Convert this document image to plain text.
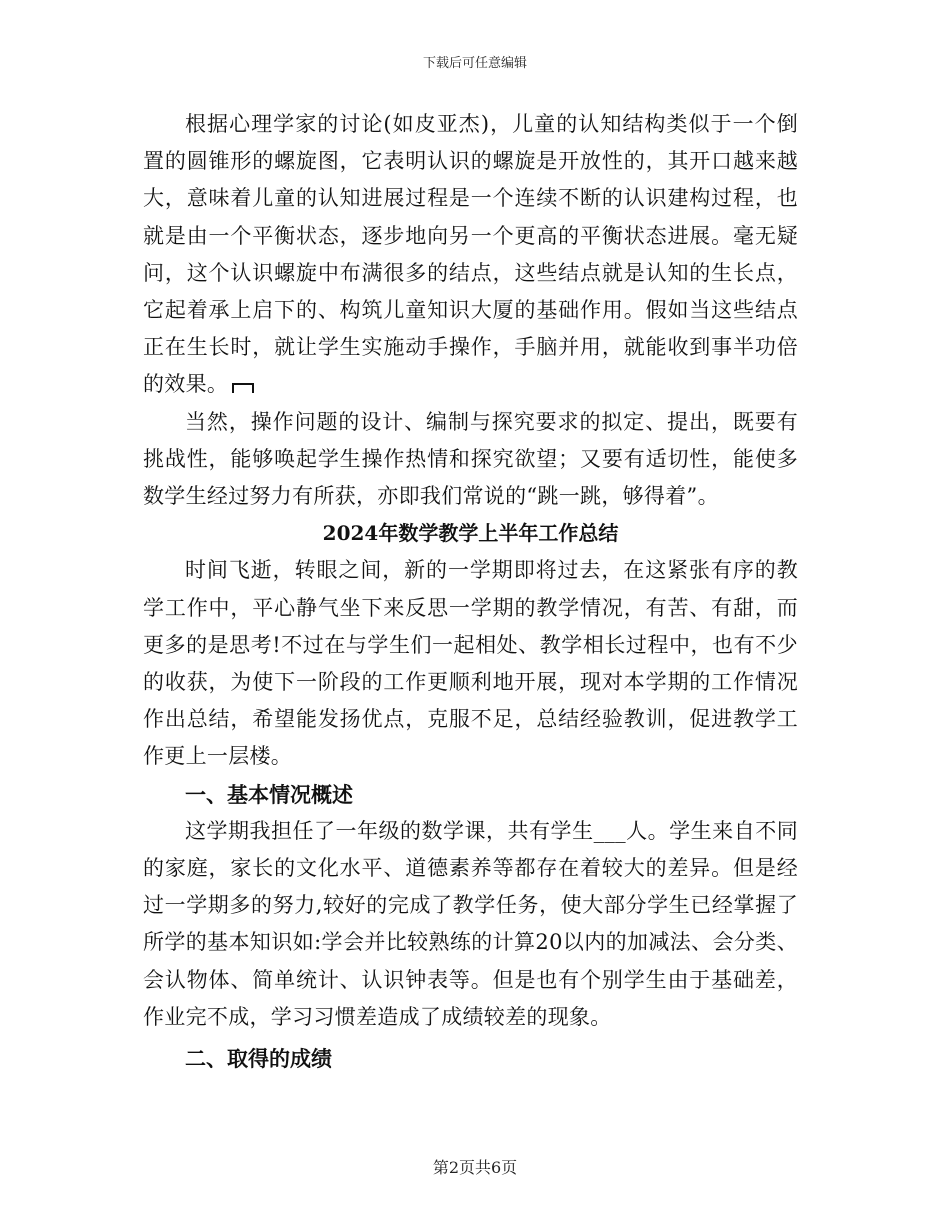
下载后可任意编辑

根据心理学家的讨论(如皮亚杰)，儿童的认知结构类似于一个倒置的圆锥形的螺旋图，它表明认识的螺旋是开放性的，其开口越来越大，意味着儿童的认知进展过程是一个连续不断的认识建构过程，也就是由一个平衡状态，逐步地向另一个更高的平衡状态进展。毫无疑问，这个认识螺旋中布满很多的结点，这些结点就是认知的生长点，它起着承上启下的、构筑儿童知识大厦的基础作用。假如当这些结点正在生长时，就让学生实施动手操作，手脑并用，就能收到事半功倍的效果。

当然，操作问题的设计、编制与探究要求的拟定、提出，既要有挑战性，能够唤起学生操作热情和探究欲望；又要有适切性，能使多数学生经过努力有所获，亦即我们常说的“跳一跳，够得着”。

2024年数学教学上半年工作总结

时间飞逝，转眼之间，新的一学期即将过去，在这紧张有序的教学工作中，平心静气坐下来反思一学期的教学情况，有苦、有甜，而更多的是思考!不过在与学生们一起相处、教学相长过程中，也有不少的收获，为使下一阶段的工作更顺利地开展，现对本学期的工作情况作出总结，希望能发扬优点，克服不足，总结经验教训，促进教学工作更上一层楼。

一、基本情况概述

这学期我担任了一年级的数学课，共有学生___人。学生来自不同的家庭，家长的文化水平、道德素养等都存在着较大的差异。但是经过一学期多的努力,较好的完成了教学任务，使大部分学生已经掌握了所学的基本知识如:学会并比较熟练的计算20以内的加减法、会分类、会认物体、简单统计、认识钟表等。但是也有个别学生由于基础差，作业完不成，学习习惯差造成了成绩较差的现象。

二、取得的成绩

第2页共6页
